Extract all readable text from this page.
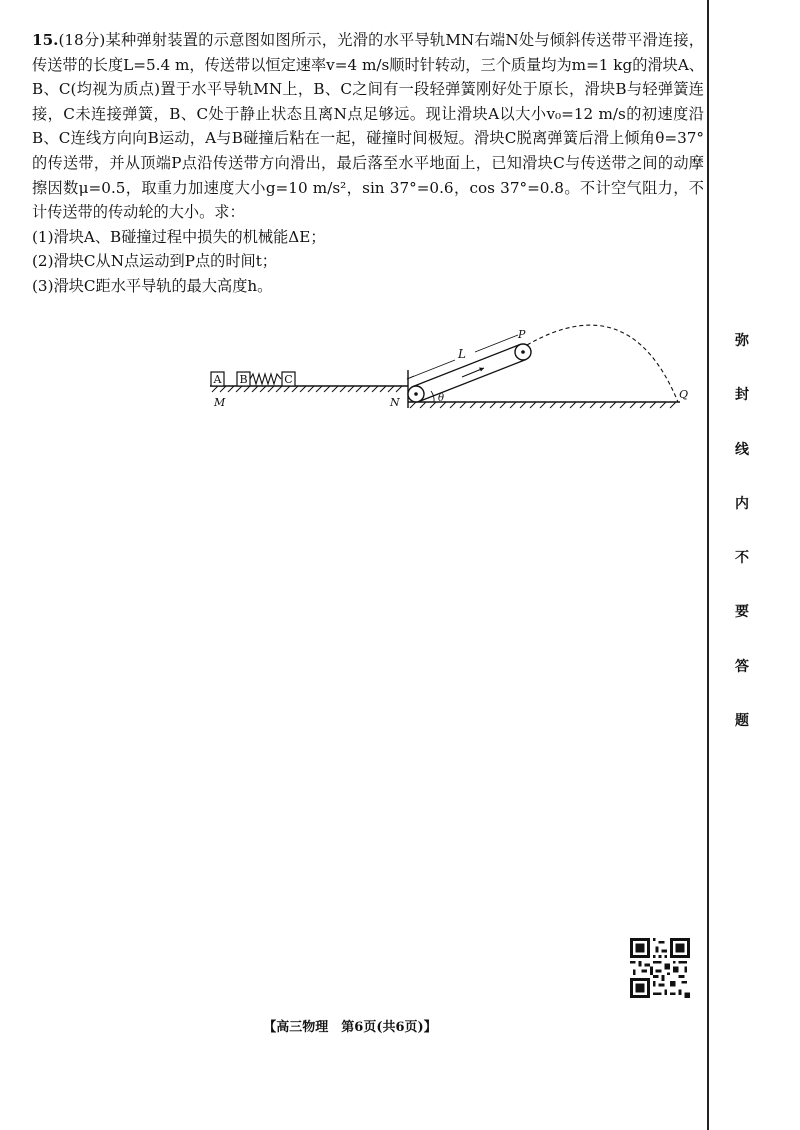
15.(18分)某种弹射装置的示意图如图所示，光滑的水平导轨MN右端N处与倾斜传送带平滑连接，传送带的长度L=5.4 m，传送带以恒定速率v=4 m/s顺时针转动，三个质量均为m=1 kg的滑块A、B、C(均视为质点)置于水平导轨MN上，B、C之间有一段轻弹簧刚好处于原长，滑块B与轻弹簧连接，C未连接弹簧，B、C处于静止状态且离N点足够远。现让滑块A以大小v₀=12 m/s的初速度沿B、C连线方向向B运动，A与B碰撞后粘在一起，碰撞时间极短。滑块C脱离弹簧后滑上倾角θ=37°的传送带，并从顶端P点沿传送带方向滑出，最后落至水平地面上，已知滑块C与传送带之间的动摩擦因数μ=0.5，取重力加速度大小g=10 m/s²，sin 37°=0.6，cos 37°=0.8。不计空气阻力，不计传送带的传动轮的大小。求：

(1)滑块A、B碰撞过程中损失的机械能ΔE；

(2)滑块C从N点运动到P点的时间t；

(3)滑块C距水平导轨的最大高度h。

A B	C
M	N
L
θ
P
Q
弥
封
线
内
不
要
答
题
【高三物理　第6页(共6页)】
